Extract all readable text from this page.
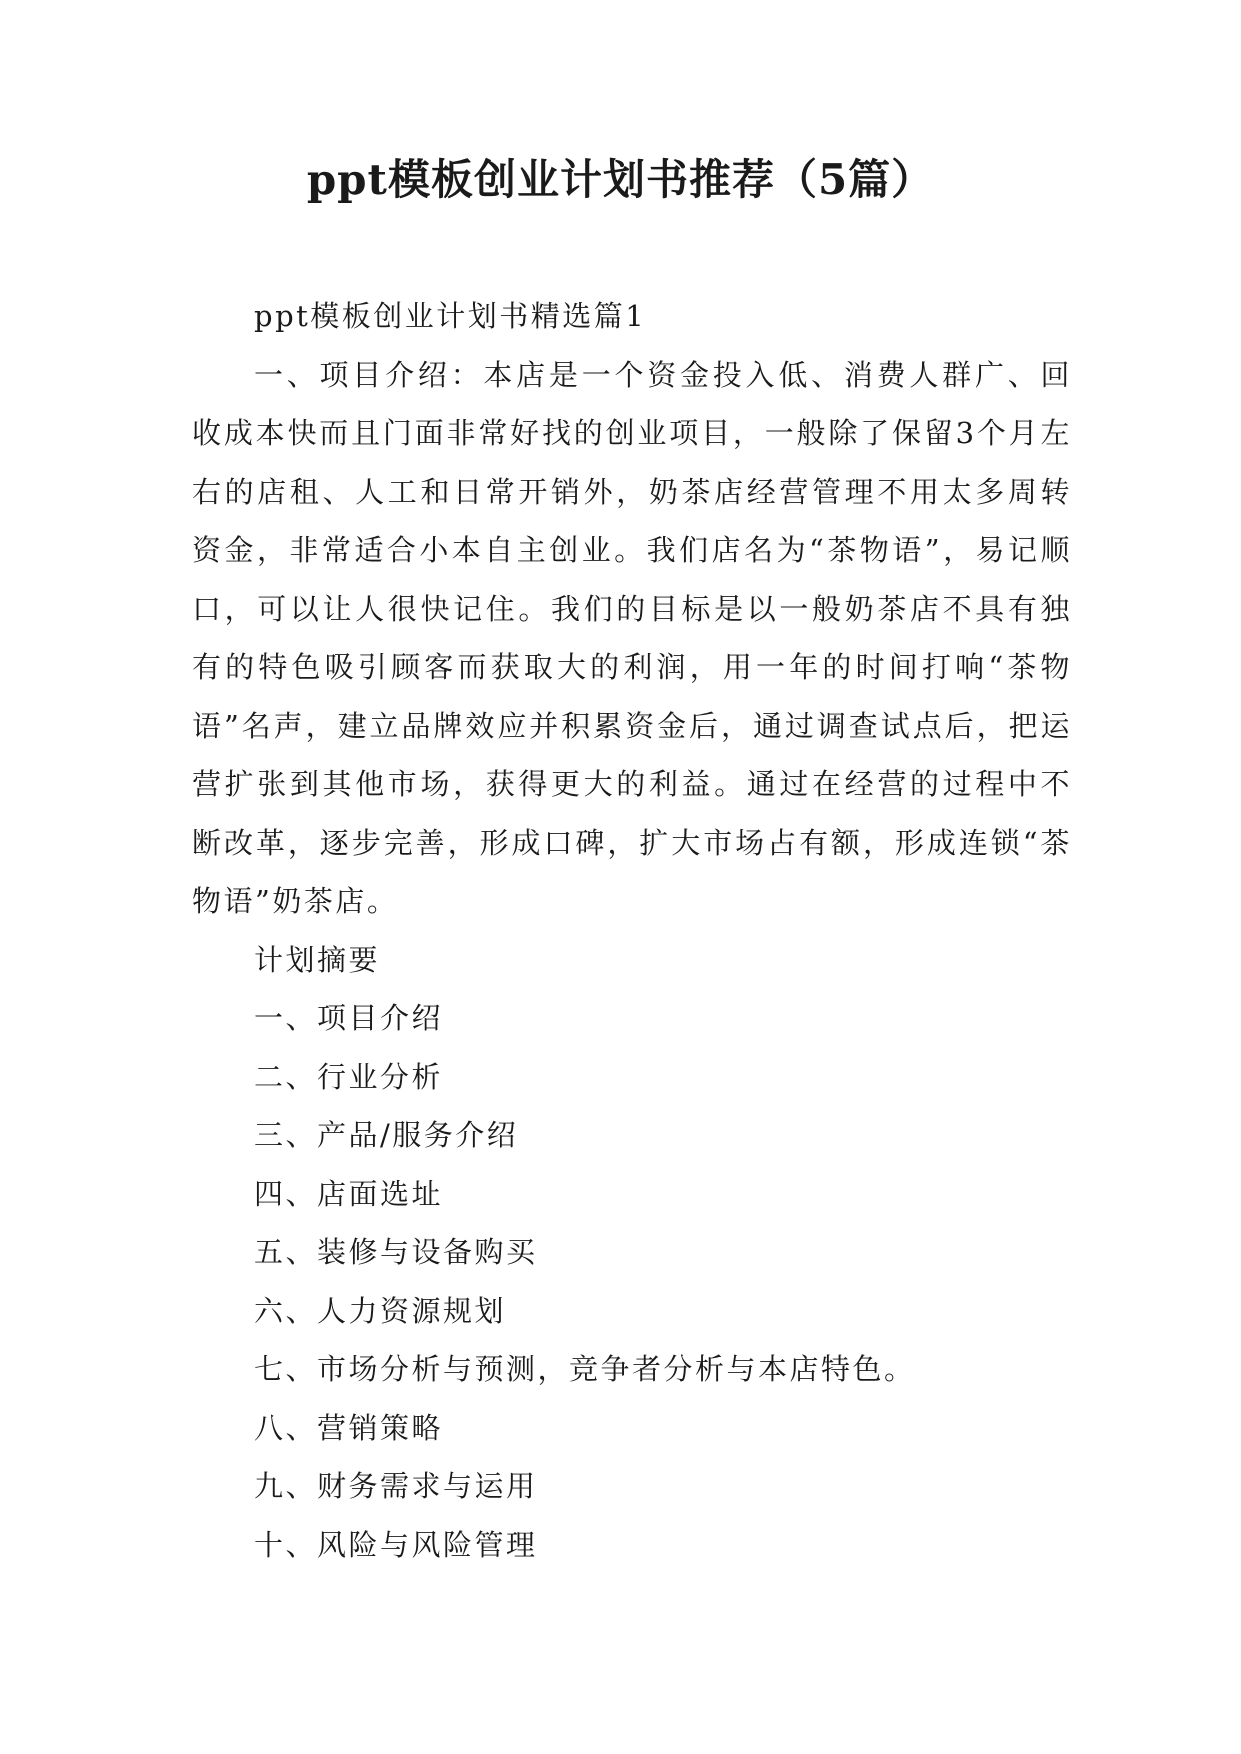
ppt模板创业计划书推荐（5篇）

ppt模板创业计划书精选篇1

一、项目介绍：本店是一个资金投入低、消费人群广、回收成本快而且门面非常好找的创业项目，一般除了保留3个月左右的店租、人工和日常开销外，奶茶店经营管理不用太多周转资金，非常适合小本自主创业。我们店名为“茶物语”，易记顺口，可以让人很快记住。我们的目标是以一般奶茶店不具有独有的特色吸引顾客而获取大的利润，用一年的时间打响“茶物语”名声，建立品牌效应并积累资金后，通过调查试点后，把运营扩张到其他市场，获得更大的利益。通过在经营的过程中不断改革，逐步完善，形成口碑，扩大市场占有额，形成连锁“茶物语”奶茶店。

计划摘要

一、项目介绍
二、行业分析
三、产品/服务介绍
四、店面选址
五、装修与设备购买
六、人力资源规划
七、市场分析与预测，竞争者分析与本店特色。
八、营销策略
九、财务需求与运用
十、风险与风险管理
